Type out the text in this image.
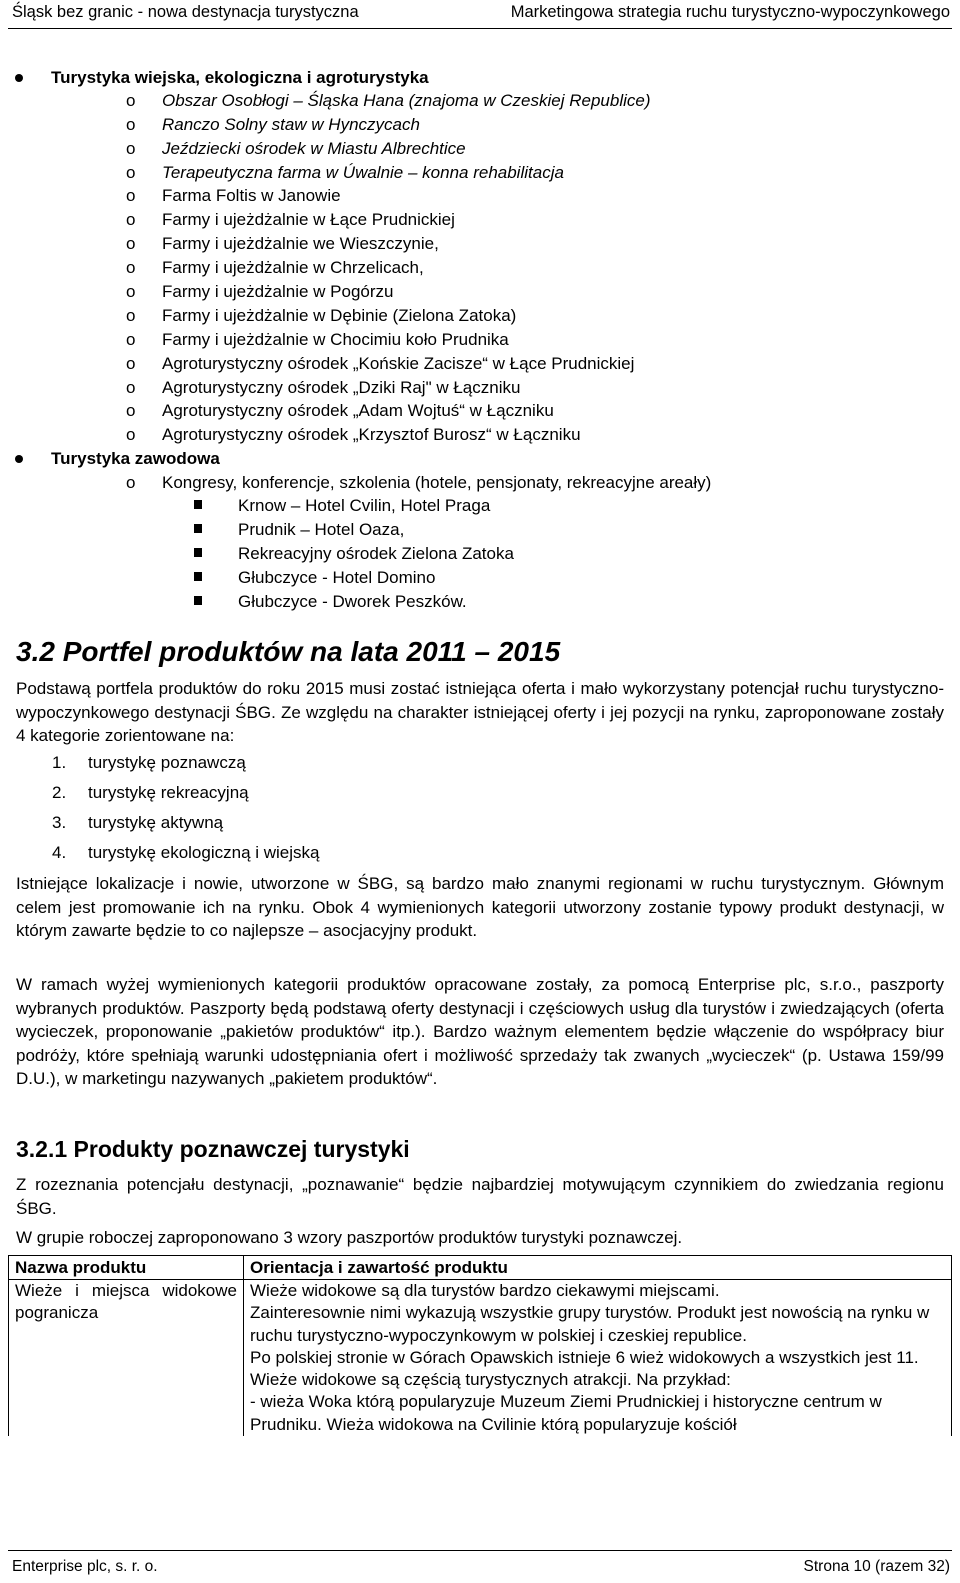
Śląsk bez granic - nowa destynacja turystyczna	Marketingowa strategia ruchu turystyczno-wypoczynkowego
Turystyka wiejska, ekologiczna i agroturystyka
o Obszar Osobłogi – Śląska Hana (znajoma w Czeskiej Republice)
o Ranczo Solny staw w Hynczycach
o Jeździecki ośrodek w Miastu Albrechtice
o Terapeutyczna farma w Úwalnie – konna rehabilitacja
o Farma Foltis w Janowie
o Farmy i ujeżdżalnie w Łące Prudnickiej
o Farmy i ujeżdżalnie we Wieszczynie,
o Farmy i ujeżdżalnie w Chrzelicach,
o Farmy i ujeżdżalnie w Pogórzu
o Farmy i ujeżdżalnie w Dębinie (Zielona Zatoka)
o Farmy i ujeżdżalnie w Chocimiu koło Prudnika
o Agroturystyczny ośrodek „Końskie Zacisze“ w Łące Prudnickiej
o Agroturystyczny ośrodek „Dziki Raj" w Łączniku
o Agroturystyczny ośrodek „Adam Wojtuś“ w Łączniku
o Agroturystyczny ośrodek „Krzysztof Burosz“ w Łączniku
Turystyka zawodowa
o Kongresy, konferencje, szkolenia (hotele, pensjonaty, rekreacyjne areały)
Krnow – Hotel Cvilin, Hotel Praga
Prudnik – Hotel Oaza,
Rekreacyjny ośrodek Zielona Zatoka
Głubczyce - Hotel Domino
Głubczyce - Dworek Peszków.
3.2 Portfel produktów na lata 2011 – 2015

Podstawą portfela produktów do roku 2015 musi zostać istniejąca oferta i mało wykorzystany potencjał ruchu turystyczno-wypoczynkowego destynacji ŚBG. Ze względu na charakter istniejącej oferty i jej pozycji na rynku, zaproponowane zostały 4 kategorie zorientowane na:

1. turystykę poznawczą
2. turystykę rekreacyjną
3. turystykę aktywną
4. turystykę ekologiczną i wiejską

Istniejące lokalizacje i nowie, utworzone w ŚBG, są bardzo mało znanymi regionami w ruchu turystycznym. Głównym celem jest promowanie ich na rynku. Obok 4 wymienionych kategorii utworzony zostanie typowy produkt destynacji, w którym zawarte będzie to co najlepsze – asocjacyjny produkt.

W ramach wyżej wymienionych kategorii produktów opracowane zostały, za pomocą Enterprise plc, s.r.o., paszporty wybranych produktów. Paszporty będą podstawą oferty destynacji i częściowych usług dla turystów i zwiedzających (oferta wycieczek, proponowanie „pakietów produktów“ itp.). Bardzo ważnym elementem będzie włączenie do współpracy biur podróży, które spełniają warunki udostępniania ofert i możliwość sprzedaży tak zwanych „wycieczek“ (p. Ustawa 159/99 D.U.), w marketingu nazywanych „pakietem produktów“.

3.2.1 Produkty poznawczej turystyki

Z rozeznania potencjału destynacji, „poznawanie“ będzie najbardziej motywującym czynnikiem do zwiedzania regionu ŚBG.

W grupie roboczej zaproponowano 3 wzory paszportów produktów turystyki poznawczej.

Nazwa produktu	Orientacja i zawartość produktu
Wieże i miejsca widokowe pogranicza	Wieże widokowe są dla turystów bardzo ciekawymi miejscami.
Zainteresownie nimi wykazują wszystkie grupy turystów. Produkt jest nowością na rynku w ruchu turystyczno-wypoczynkowym w polskiej i czeskiej republice.
Po polskiej stronie w Górach Opawskich istnieje 6 wież widokowych a wszystkich jest 11.
Wieże widokowe są częścią turystycznych atrakcji. Na przykład:
- wieża Woka którą popularyzuje Muzeum Ziemi Prudnickiej i historyczne centrum w Prudniku. Wieża widokowa na Cvilinie którą popularyzuje kościół
Enterprise plc, s. r. o.	Strona 10 (razem 32)
